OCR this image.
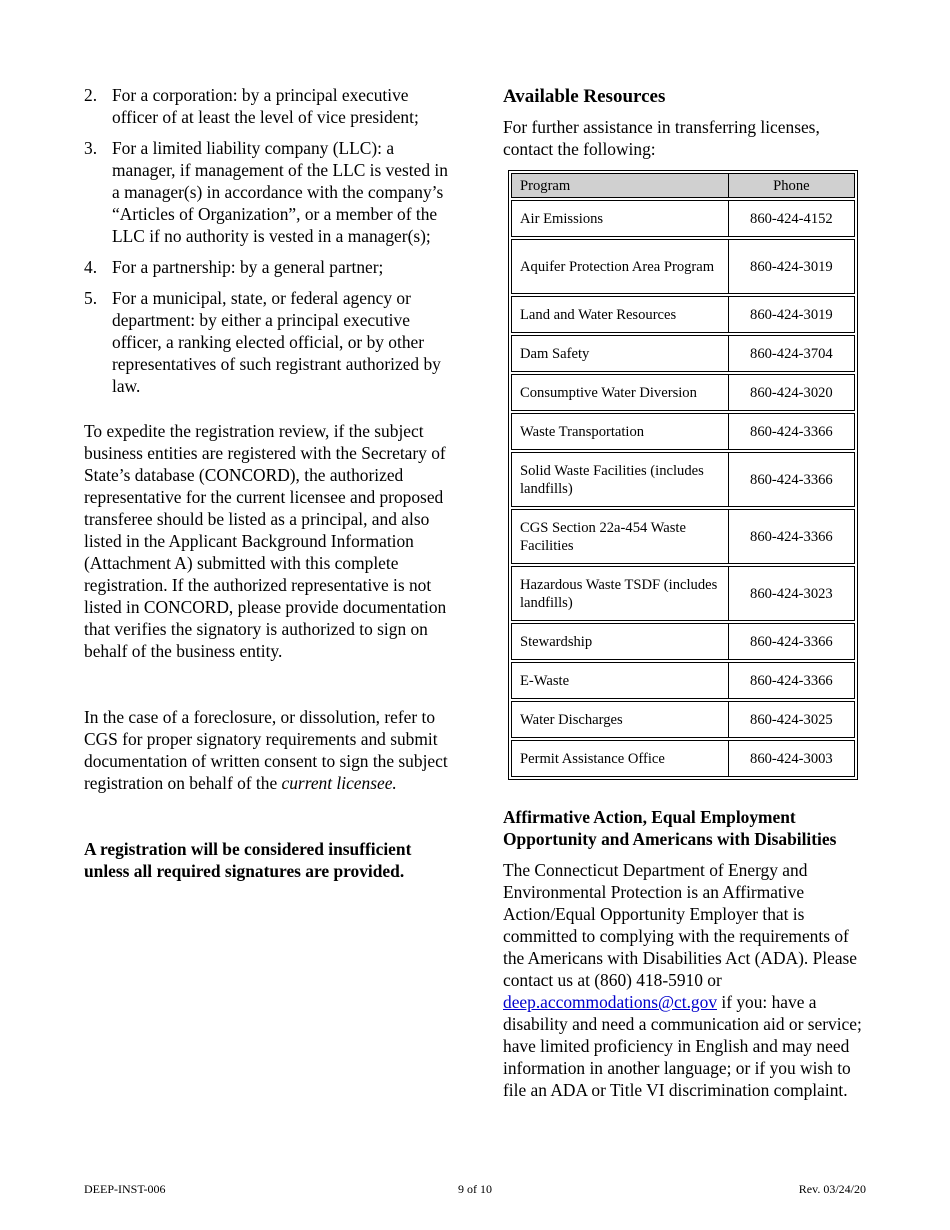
2. For a corporation: by a principal executive officer of at least the level of vice president;
3. For a limited liability company (LLC): a manager, if management of the LLC is vested in a manager(s) in accordance with the company’s “Articles of Organization”, or a member of the LLC if no authority is vested in a manager(s);
4. For a partnership: by a general partner;
5. For a municipal, state, or federal agency or department: by either a principal executive officer, a ranking elected official, or by other representatives of such registrant authorized by law.

To expedite the registration review, if the subject business entities are registered with the Secretary of State’s database (CONCORD), the authorized representative for the current licensee and proposed transferee should be listed as a principal, and also listed in the Applicant Background Information (Attachment A) submitted with this complete registration. If the authorized representative is not listed in CONCORD, please provide documentation that verifies the signatory is authorized to sign on behalf of the business entity.

In the case of a foreclosure, or dissolution, refer to CGS for proper signatory requirements and submit documentation of written consent to sign the subject registration on behalf of the current licensee.

A registration will be considered insufficient unless all required signatures are provided.

Available Resources

For further assistance in transferring licenses, contact the following:

Program	Phone

Air Emissions	860-424-4152

Aquifer Protection Area Program	860-424-3019

Land and Water Resources	860-424-3019

Dam Safety	860-424-3704

Consumptive Water Diversion	860-424-3020

Waste Transportation	860-424-3366

Solid Waste Facilities (includes landfills)	860-424-3366

CGS Section 22a-454 Waste Facilities	860-424-3366

Hazardous Waste TSDF (includes landfills)	860-424-3023

Stewardship	860-424-3366

E-Waste	860-424-3366

Water Discharges	860-424-3025

Permit Assistance Office	860-424-3003
Affirmative Action, Equal Employment Opportunity and Americans with Disabilities

The Connecticut Department of Energy and Environmental Protection is an Affirmative Action/Equal Opportunity Employer that is committed to complying with the requirements of the Americans with Disabilities Act (ADA). Please contact us at (860) 418-5910 or deep.accommodations@ct.gov if you: have a disability and need a communication aid or service; have limited proficiency in English and may need information in another language; or if you wish to file an ADA or Title VI discrimination complaint.

DEEP-INST-006	9 of 10	Rev. 03/24/20
